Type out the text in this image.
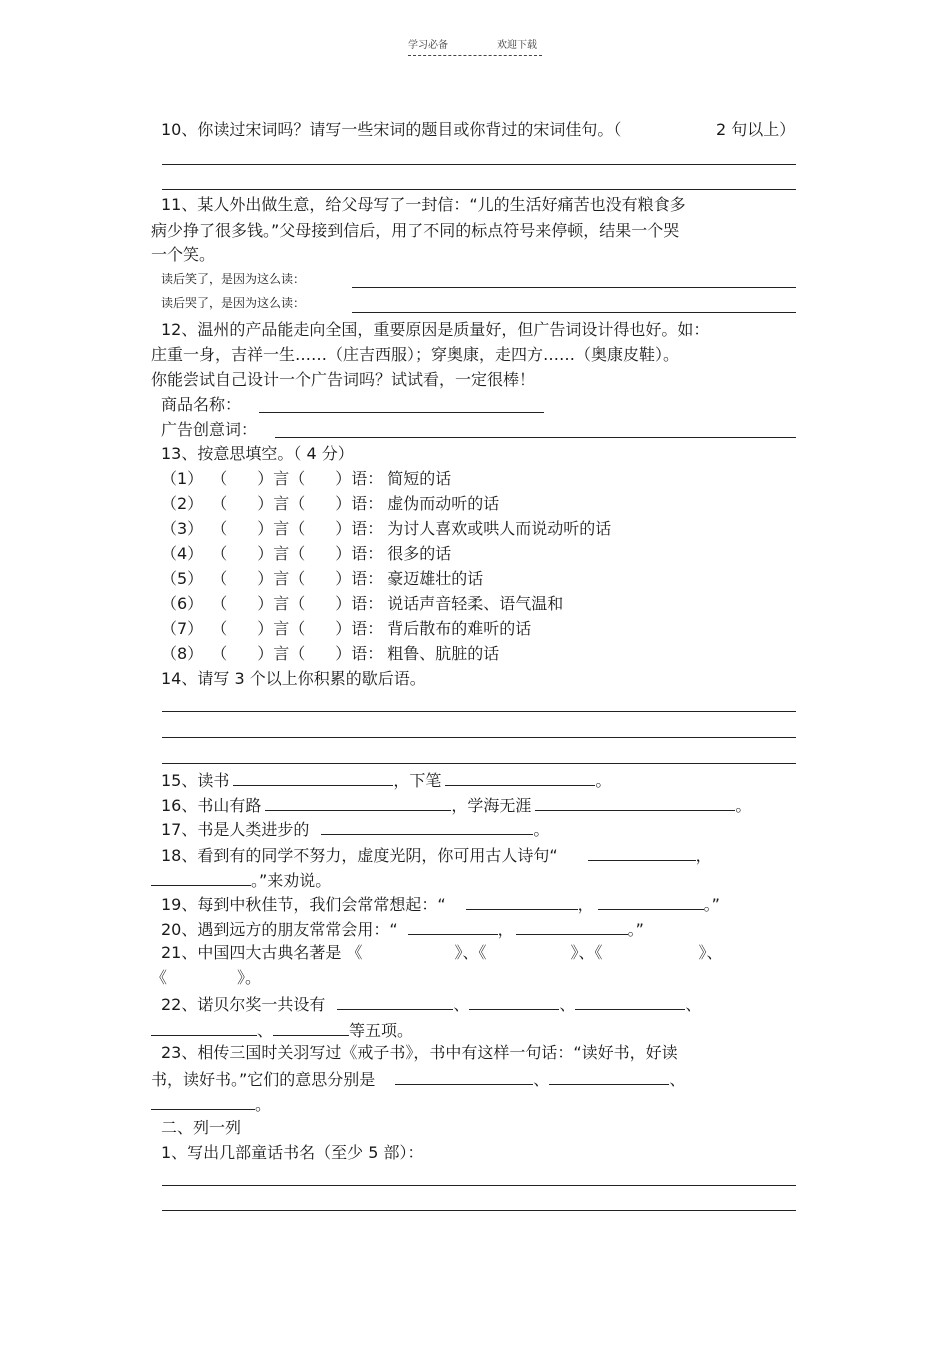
学习必备	欢迎下载
10、你读过宋词吗？请写一些宋词的题目或你背过的宋词佳句。（	2 句以上）
11、某人外出做生意，给父母写了一封信：“儿的生活好痛苦也没有粮食多
病少挣了很多钱。”父母接到信后，用了不同的标点符号来停顿，结果一个哭
一个笑。
读后笑了，是因为这么读：
读后哭了，是因为这么读：
12、温州的产品能走向全国，重要原因是质量好，但广告词设计得也好。如：
庄重一身，吉祥一生……（庄吉西服）；穿奥康，走四方……（奥康皮鞋）。
你能尝试自己设计一个广告词吗？试试看，一定很棒！
商品名称：
广告创意词：
13、按意思填空。（ 4 分）
（1） （ ）言（ ）语： 简短的话
（2） （ ）言（ ）语： 虚伪而动听的话
（3） （ ）言（ ）语： 为讨人喜欢或哄人而说动听的话
（4） （ ）言（ ）语： 很多的话
（5） （ ）言（ ）语： 豪迈雄壮的话
（6） （ ）言（ ）语： 说话声音轻柔、语气温和
（7） （ ）言（ ）语： 背后散布的难听的话
（8） （ ）言（ ）语： 粗鲁、肮脏的话
14、请写 3 个以上你积累的歇后语。
15、读书	，下笔	。
16、书山有路	，学海无涯	。
17、书是人类进步的	。
18、看到有的同学不努力，虚度光阴，你可用古人诗句“	，
。”来劝说。
19、每到中秋佳节，我们会常常想起：“	，	。”
20、遇到远方的朋友常常会用：“	，	。”
21、中国四大古典名著是 《	》、《	》、《	》、
《	》。
22、诺贝尔奖一共设有	、	、	、
、	等五项。
23、相传三国时关羽写过《戒子书》，书中有这样一句话：“读好书，好读
书，读好书。”它们的意思分别是	、	、
。
二、列一列
1、写出几部童话书名（至少 5 部）：
